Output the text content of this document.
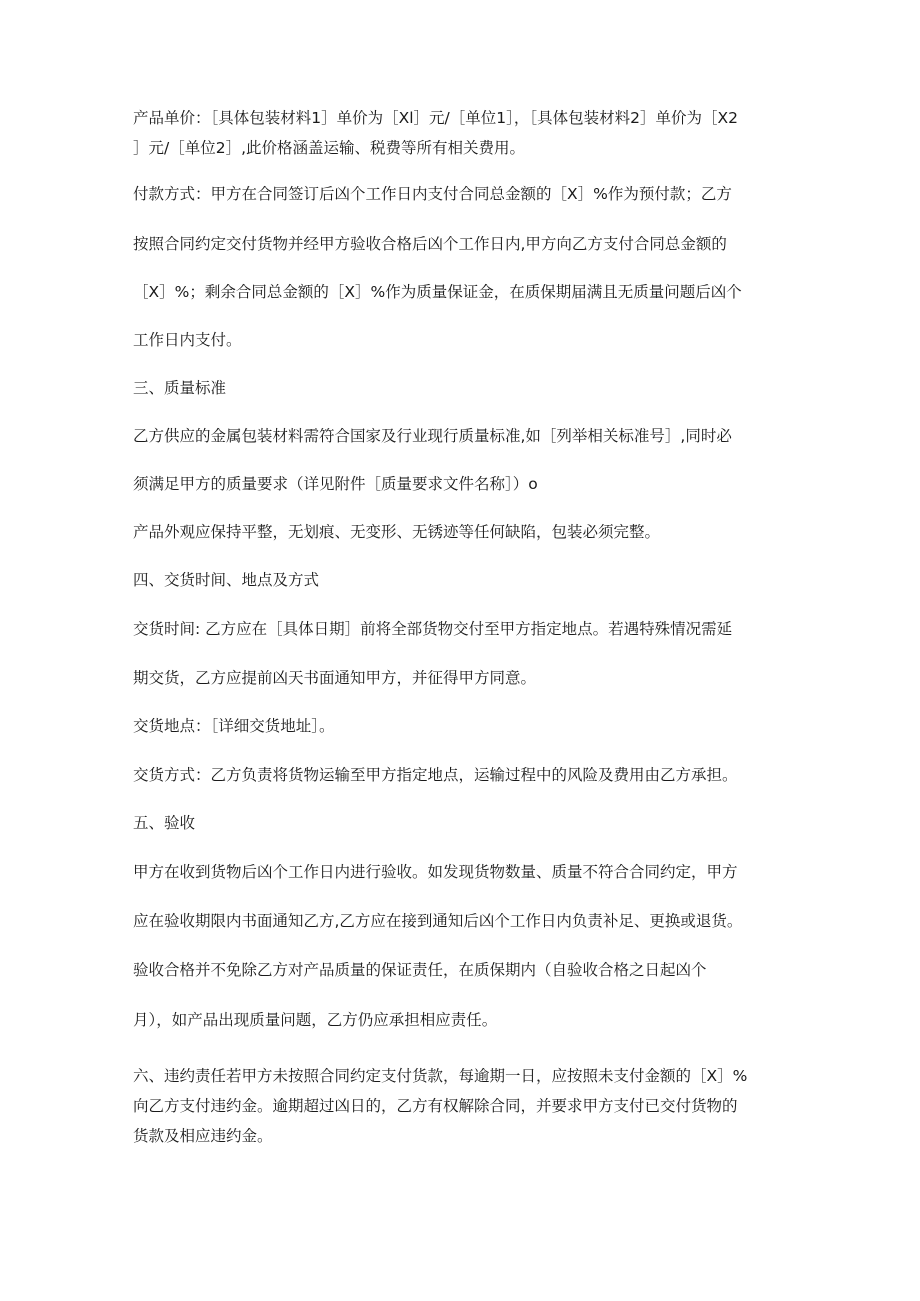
产品单价：［具体包装材料1］单价为［Xl］元/［单位1］，［具体包装材料2］单价为［X2
］元/［单位2］,此价格涵盖运输、税费等所有相关费用。
付款方式：甲方在合同签订后凶个工作日内支付合同总金额的［X］%作为预付款；乙方
按照合同约定交付货物并经甲方验收合格后凶个工作日内,甲方向乙方支付合同总金额的
［X］%；剩余合同总金额的［X］%作为质量保证金，在质保期届满且无质量问题后凶个
工作日内支付。
三、质量标准
乙方供应的金属包装材料需符合国家及行业现行质量标准,如［列举相关标准号］,同时必
须满足甲方的质量要求（详见附件［质量要求文件名称］）o
产品外观应保持平整，无划痕、无变形、无锈迹等任何缺陷，包装必须完整。
四、交货时间、地点及方式
交货时间: 乙方应在［具体日期］前将全部货物交付至甲方指定地点。若遇特殊情况需延
期交货，乙方应提前凶天书面通知甲方，并征得甲方同意。
交货地点：［详细交货地址］。
交货方式：乙方负责将货物运输至甲方指定地点，运输过程中的风险及费用由乙方承担。
五、验收
甲方在收到货物后凶个工作日内进行验收。如发现货物数量、质量不符合合同约定，甲方
应在验收期限内书面通知乙方,乙方应在接到通知后凶个工作日内负责补足、更换或退货。
验收合格并不免除乙方对产品质量的保证责任，在质保期内（自验收合格之日起凶个
月），如产品出现质量问题，乙方仍应承担相应责任。
六、违约责任若甲方未按照合同约定支付货款，每逾期一日，应按照未支付金额的［X］%
向乙方支付违约金。逾期超过凶日的，乙方有权解除合同，并要求甲方支付已交付货物的
货款及相应违约金。
